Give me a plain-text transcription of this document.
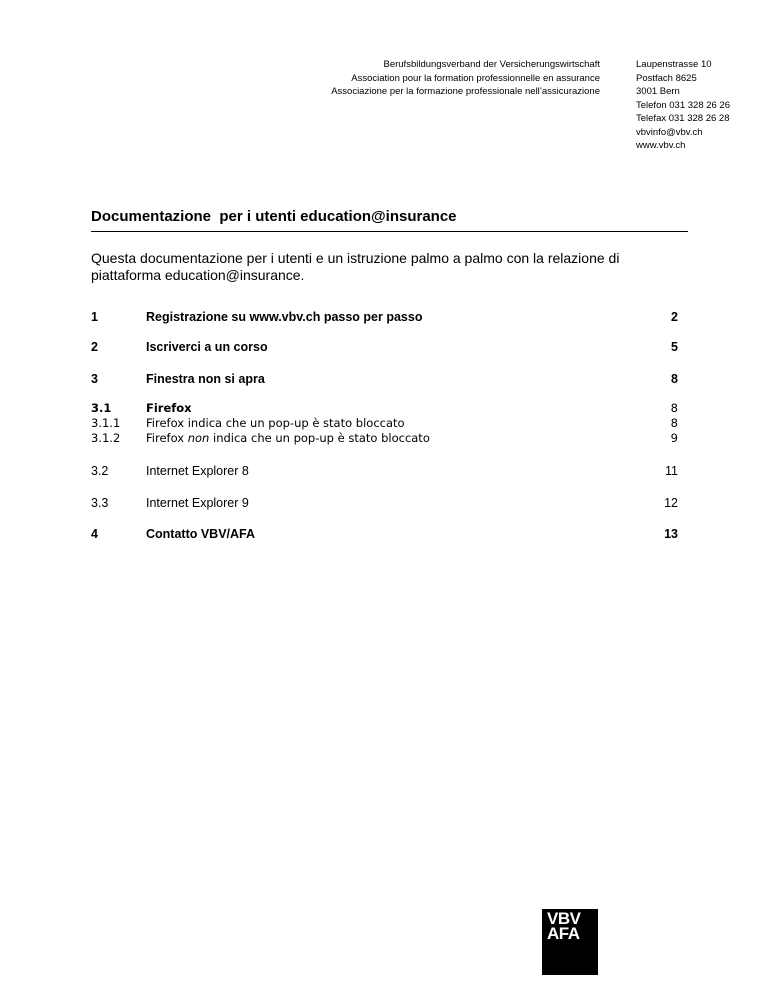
Berufsbildungsverband der Versicherungswirtschaft
Association pour la formation professionnelle en assurance
Associazione per la formazione professionale nell’assicurazione
Laupenstrasse 10
Postfach 8625
3001 Bern
Telefon 031 328 26 26
Telefax 031 328 26 28
vbvinfo@vbv.ch
www.vbv.ch
Documentazione  per i utenti education@insurance
Questa documentazione per i utenti e un istruzione palmo a palmo con la relazione di piattaforma education@insurance.
1	Registrazione su www.vbv.ch passo per passo	2
2	Iscriverci a un corso	5
3	Finestra non si apra	8
3.1	Firefox	8
3.1.1 Firefox indica che un pop-up è stato bloccato	8
3.1.2 Firefox non indica che un pop-up è stato bloccato	9
3.2	Internet Explorer 8	11
3.3	Internet Explorer 9	12
4	Contatto VBV/AFA	13
VBV
AFA
